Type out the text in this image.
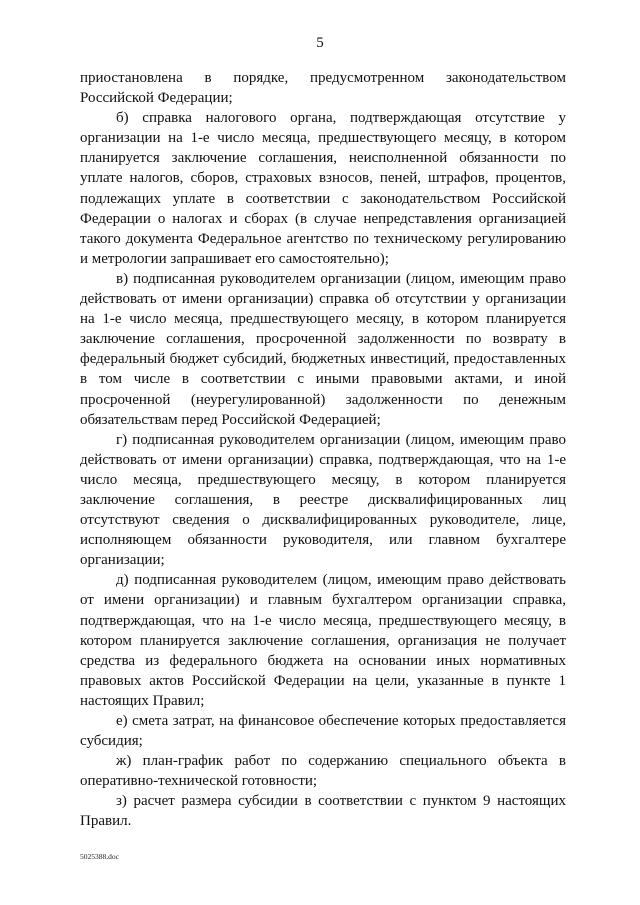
5

приостановлена в порядке, предусмотренном законодательством Российской Федерации;

б) справка налогового органа, подтверждающая отсутствие у организации на 1-е число месяца, предшествующего месяцу, в котором планируется заключение соглашения, неисполненной обязанности по уплате налогов, сборов, страховых взносов, пеней, штрафов, процентов, подлежащих уплате в соответствии с законодательством Российской Федерации о налогах и сборах (в случае непредставления организацией такого документа Федеральное агентство по техническому регулированию и метрологии запрашивает его самостоятельно);

в) подписанная руководителем организации (лицом, имеющим право действовать от имени организации) справка об отсутствии у организации на 1-е число месяца, предшествующего месяцу, в котором планируется заключение соглашения, просроченной задолженности по возврату в федеральный бюджет субсидий, бюджетных инвестиций, предоставленных в том числе в соответствии с иными правовыми актами, и иной просроченной (неурегулированной) задолженности по денежным обязательствам перед Российской Федерацией;

г) подписанная руководителем организации (лицом, имеющим право действовать от имени организации) справка, подтверждающая, что на 1-е число месяца, предшествующего месяцу, в котором планируется заключение соглашения, в реестре дисквалифицированных лиц отсутствуют сведения о дисквалифицированных руководителе, лице, исполняющем обязанности руководителя, или главном бухгалтере организации;

д) подписанная руководителем (лицом, имеющим право действовать от имени организации) и главным бухгалтером организации справка, подтверждающая, что на 1-е число месяца, предшествующего месяцу, в котором планируется заключение соглашения, организация не получает средства из федерального бюджета на основании иных нормативных правовых актов Российской Федерации на цели, указанные в пункте 1 настоящих Правил;

е) смета затрат, на финансовое обеспечение которых предоставляется субсидия;

ж) план-график работ по содержанию специального объекта в оперативно-технической готовности;

з) расчет размера субсидии в соответствии с пунктом 9 настоящих Правил.

5025388.doc
